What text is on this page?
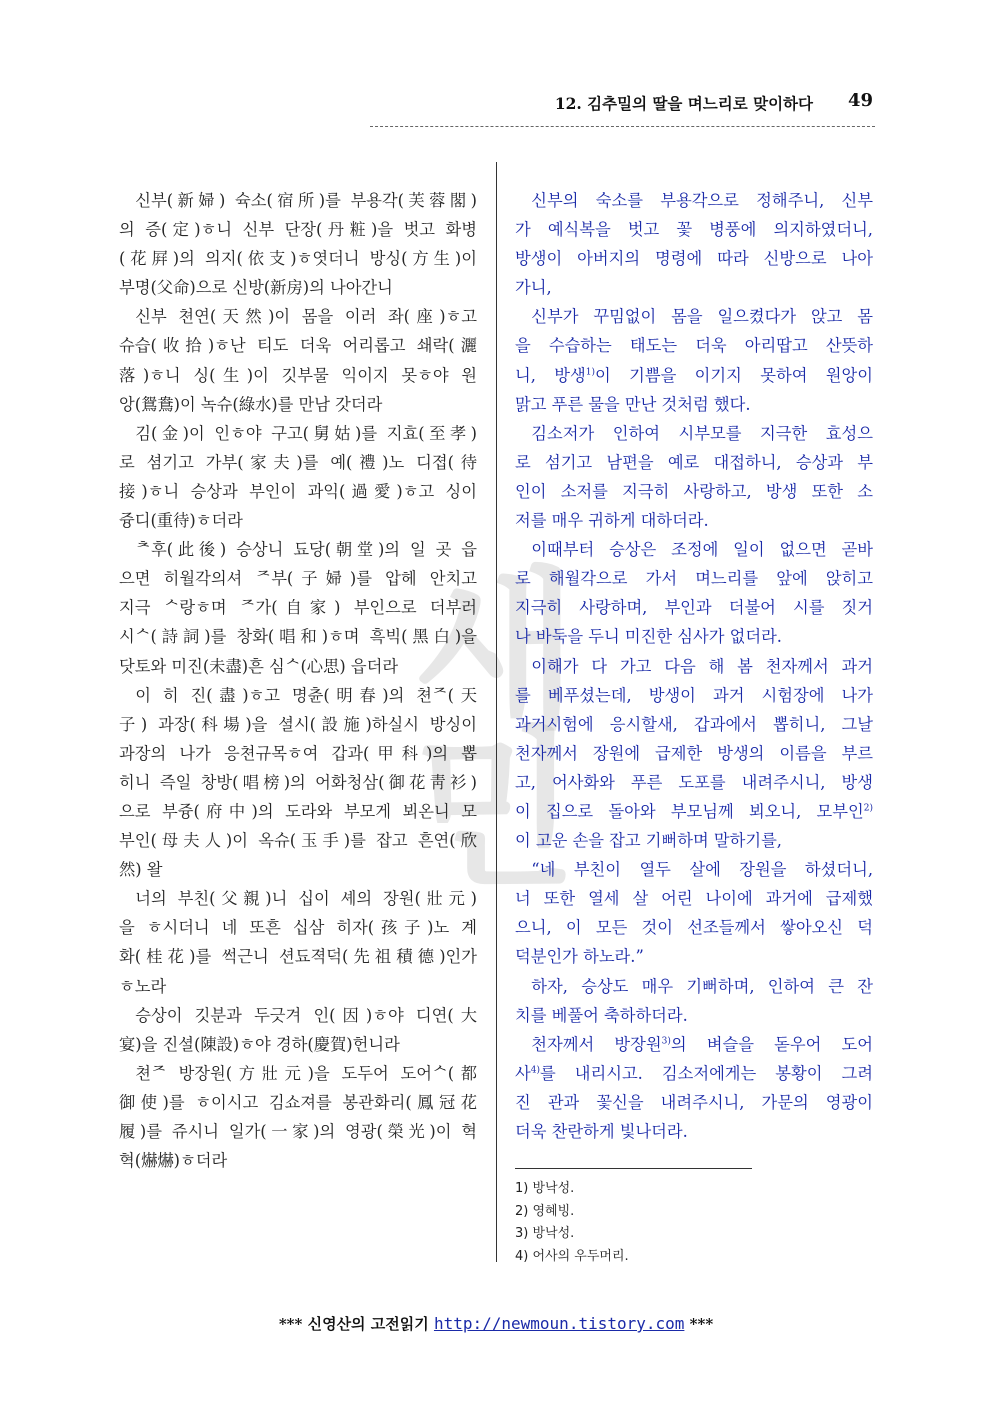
12. 김추밀의 딸을 며느리로 맞이하다 49
새민

신부(新婦) 슉소(宿所)를 부용각(芙蓉閣)

의 증(定)ㅎ니 신부 단장(丹粧)을 벗고 화병

(花屛)의 의지(依支)ㅎ엿더니 방싱(方生)이

부명(父命)으로 신방(新房)의 나아간니

신부 쳔연(天然)이 몸을 이러 좌(座)ㅎ고

슈습(收拾)ㅎ난 티도 더욱 어리롭고 쇄락(灑

落)ㅎ니 싱(生)이 깃부물 익이지 못ㅎ야 원

앙(鴛鴦)이 녹슈(綠水)를 만남 갓더라

김(金)이 인ㅎ야 구고(舅姑)를 지효(至孝)

로 셤기고 가부(家夫)를 예(禮)노 디졉(待

接)ㅎ니 승상과 부인이 과익(過愛)ㅎ고 싱이

즁디(重待)ㅎ더라

ᄎ후(此後) 승상니 됴당(朝堂)의 일 곳 읍

으면 히월각의셔 ᄌ부(子婦)를 압헤 안치고

지극 ᄉ랑ㅎ며 ᄌ가(自家) 부인으로 더부러

시ᄉ(詩詞)를 창화(唱和)ㅎ며 흑빅(黑白)을

닷토와 미진(未盡)흔 심ᄉ(心思) 읍더라

이 히 진(盡)ㅎ고 명츈(明春)의 쳔ᄌ(天

子) 과장(科場)을 셜시(設施)하실시 방싱이

과장의 나가 응쳔규목ㅎ여 갑과(甲科)의 뽑

히니 즉일 창방(唱榜)의 어화청삼(御花靑衫)

으로 부즁(府中)의 도라와 부모게 뵈온니 모

부인(母夫人)이 옥슈(玉手)를 잡고 흔연(欣

然) 왈

너의 부친(父親)니 십이 셰의 장원(壯元)

을 ㅎ시더니 네 또흔 십삼 히자(孩子)노 계

화(桂花)를 썩근니 션됴젹덕(先祖積德)인가

ㅎ노라

승상이 깃분과 두긋겨 인(因)ㅎ야 디연(大

宴)을 진셜(陳設)ㅎ야 경하(慶賀)헌니라

쳔ᄌ 방장원(方壯元)을 도두어 도어ᄉ(都

御使)를 ㅎ이시고 김쇼져를 봉관화리(鳳冠花

履)를 쥬시니 일가(一家)의 영광(榮光)이 혁

혁(爀爀)ㅎ더라

신부의 숙소를 부용각으로 정해주니, 신부

가 예식복을 벗고 꽃 병풍에 의지하였더니,

방생이 아버지의 명령에 따라 신방으로 나아

가니,

신부가 꾸밈없이 몸을 일으켰다가 앉고 몸

을 수습하는 태도는 더욱 아리땁고 산뜻하

니, 방생$^{1)}$이 기쁨을 이기지 못하여 원앙이

맑고 푸른 물을 만난 것처럼 했다.

김소저가 인하여 시부모를 지극한 효성으

로 섬기고 남편을 예로 대접하니, 승상과 부

인이 소저를 지극히 사랑하고, 방생 또한 소

저를 매우 귀하게 대하더라.

이때부터 승상은 조정에 일이 없으면 곧바

로 해월각으로 가서 며느리를 앞에 앉히고

지극히 사랑하며, 부인과 더불어 시를 짓거

나 바둑을 두니 미진한 심사가 없더라.

이해가 다 가고 다음 해 봄 천자께서 과거

를 베푸셨는데, 방생이 과거 시험장에 나가

과거시험에 응시할새, 갑과에서 뽑히니, 그날

천자께서 장원에 급제한 방생의 이름을 부르

고, 어사화와 푸른 도포를 내려주시니, 방생

이 집으로 돌아와 부모님께 뵈오니, 모부인$^{2)}$

이 고운 손을 잡고 기뻐하며 말하기를,

“네 부친이 열두 살에 장원을 하셨더니,

너 또한 열세 살 어린 나이에 과거에 급제했

으니, 이 모든 것이 선조들께서 쌓아오신 덕

덕분인가 하노라.”

하자, 승상도 매우 기뻐하며, 인하여 큰 잔

치를 베풀어 축하하더라.

천자께서 방장원$^{3)}$의 벼슬을 돋우어 도어

사$^{4)}$를 내리시고. 김소저에게는 봉황이 그려

진 관과 꽃신을 내려주시니, 가문의 영광이

더욱 찬란하게 빛나더라.

1) 방낙성.
2) 영혜빙.
3) 방낙성.
4) 어사의 우두머리.
*** 신영산의 고전읽기 http://newmoun.tistory.com ***
